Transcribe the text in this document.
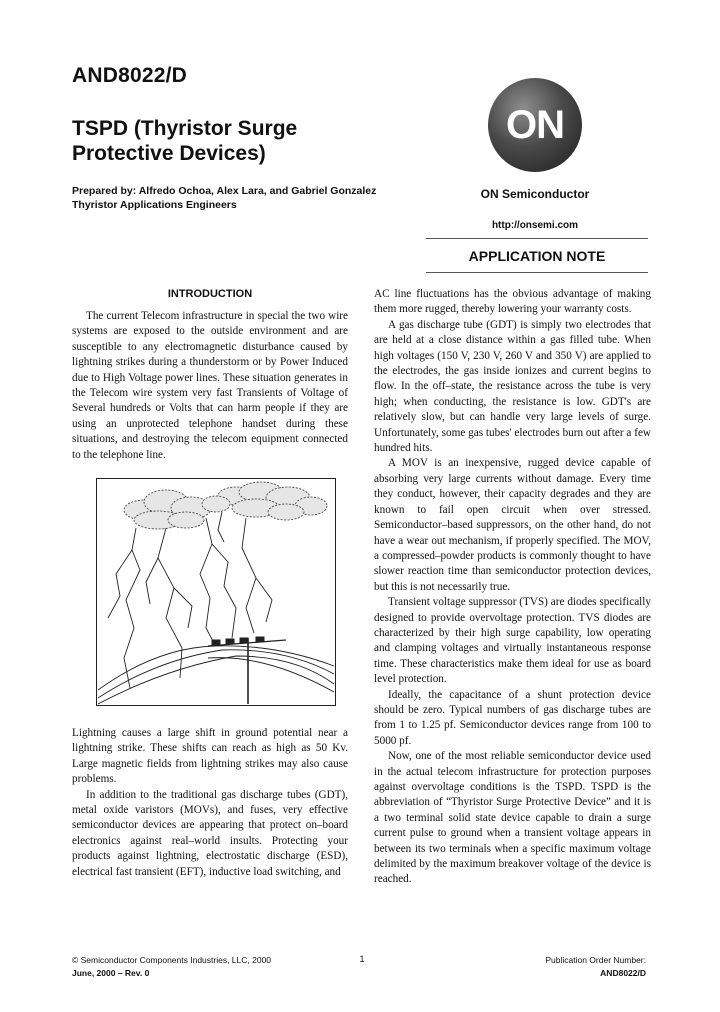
AND8022/D
TSPD (Thyristor Surge
Protective Devices)
Prepared by: Alfredo Ochoa, Alex Lara, and Gabriel Gonzalez
Thyristor Applications Engineers
ON
ON Semiconductor
http://onsemi.com
APPLICATION NOTE
INTRODUCTION

The current Telecom infrastructure in special the two wire systems are exposed to the outside environment and are susceptible to any electromagnetic disturbance caused by lightning strikes during a thunderstorm or by Power Induced due to High Voltage power lines. These situation generates in the Telecom wire system very fast Transients of Voltage of Several hundreds or Volts that can harm people if they are using an unprotected telephone handset during these situations, and destroying the telecom equipment connected to the telephone line.

Lightning causes a large shift in ground potential near a lightning strike. These shifts can reach as high as 50 Kv. Large magnetic fields from lightning strikes may also cause problems.

In addition to the traditional gas discharge tubes (GDT), metal oxide varistors (MOVs), and fuses, very effective semiconductor devices are appearing that protect on–board electronics against real–world insults. Protecting your products against lightning, electrostatic discharge (ESD), electrical fast transient (EFT), inductive load switching, and

AC line fluctuations has the obvious advantage of making them more rugged, thereby lowering your warranty costs.

A gas discharge tube (GDT) is simply two electrodes that are held at a close distance within a gas filled tube. When high voltages (150 V, 230 V, 260 V and 350 V) are applied to the electrodes, the gas inside ionizes and current begins to flow. In the off–state, the resistance across the tube is very high; when conducting, the resistance is low. GDT's are relatively slow, but can handle very large levels of surge. Unfortunately, some gas tubes' electrodes burn out after a few hundred hits.

A MOV is an inexpensive, rugged device capable of absorbing very large currents without damage. Every time they conduct, however, their capacity degrades and they are known to fail open circuit when over stressed. Semiconductor–based suppressors, on the other hand, do not have a wear out mechanism, if properly specified. The MOV, a compressed–powder products is commonly thought to have slower reaction time than semiconductor protection devices, but this is not necessarily true.

Transient voltage suppressor (TVS) are diodes specifically designed to provide overvoltage protection. TVS diodes are characterized by their high surge capability, low operating and clamping voltages and virtually instantaneous response time. These characteristics make them ideal for use as board level protection.

Ideally, the capacitance of a shunt protection device should be zero. Typical numbers of gas discharge tubes are from 1 to 1.25 pf. Semiconductor devices range from 100 to 5000 pf.

Now, one of the most reliable semiconductor device used in the actual telecom infrastructure for protection purposes against overvoltage conditions is the TSPD. TSPD is the abbreviation of “Thyristor Surge Protective Device” and it is a two terminal solid state device capable to drain a surge current pulse to ground when a transient voltage appears in between its two terminals when a specific maximum voltage delimited by the maximum breakover voltage of the device is reached.

© Semiconductor Components Industries, LLC, 2000
June, 2000 – Rev. 0
1	Publication Order Number:
AND8022/D
